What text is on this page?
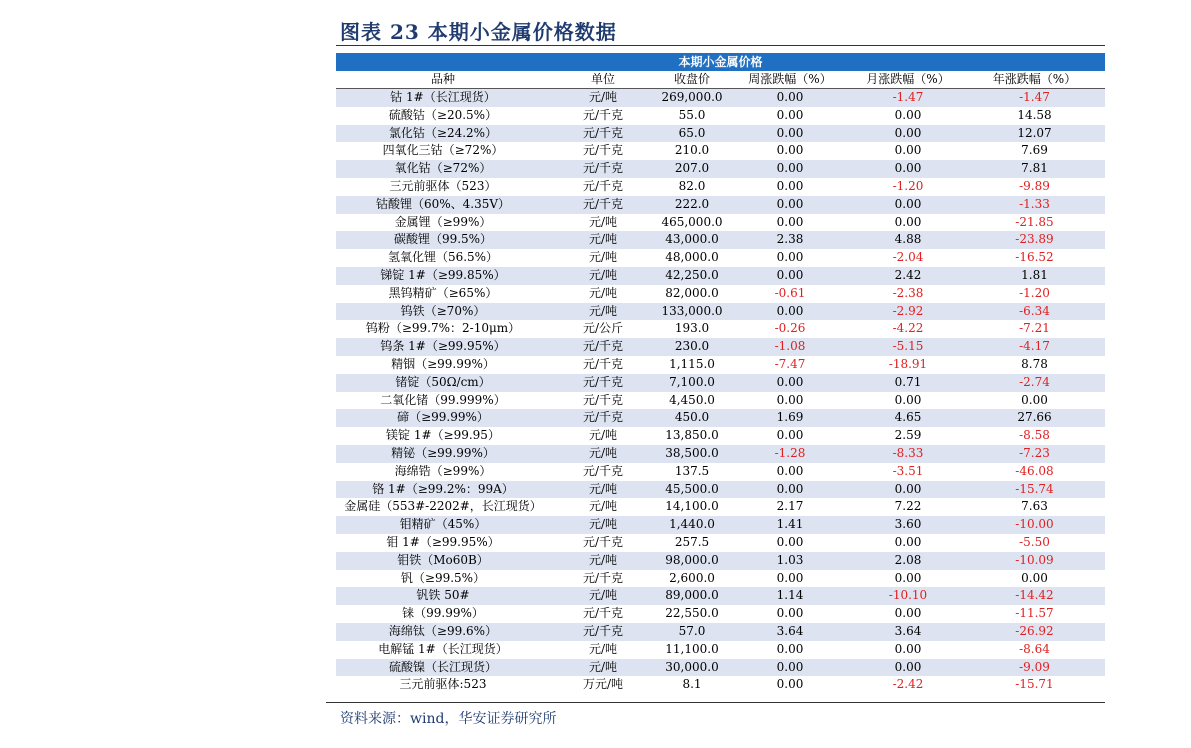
图表 23 本期小金属价格数据
本期小金属价格
品种	单位	收盘价	周涨跌幅（%）	月涨跌幅（%）	年涨跌幅（%）
钴 1#（长江现货）	元/吨	269,000.0	0.00	-1.47	-1.47
硫酸钴（≥20.5%）	元/千克	55.0	0.00	0.00	14.58
氯化钴（≥24.2%）	元/千克	65.0	0.00	0.00	12.07
四氧化三钴（≥72%）	元/千克	210.0	0.00	0.00	7.69
氧化钴（≥72%）	元/千克	207.0	0.00	0.00	7.81
三元前驱体（523）	元/千克	82.0	0.00	-1.20	-9.89
钴酸锂（60%、4.35V）	元/千克	222.0	0.00	0.00	-1.33
金属锂（≥99%）	元/吨	465,000.0	0.00	0.00	-21.85
碳酸锂（99.5%）	元/吨	43,000.0	2.38	4.88	-23.89
氢氧化锂（56.5%）	元/吨	48,000.0	0.00	-2.04	-16.52
锑锭 1#（≥99.85%）	元/吨	42,250.0	0.00	2.42	1.81
黑钨精矿（≥65%）	元/吨	82,000.0	-0.61	-2.38	-1.20
钨铁（≥70%）	元/吨	133,000.0	0.00	-2.92	-6.34
钨粉（≥99.7%：2-10μm）	元/公斤	193.0	-0.26	-4.22	-7.21
钨条 1#（≥99.95%）	元/千克	230.0	-1.08	-5.15	-4.17
精铟（≥99.99%）	元/千克	1,115.0	-7.47	-18.91	8.78
锗锭（50Ω/cm）	元/千克	7,100.0	0.00	0.71	-2.74
二氧化锗（99.999%）	元/千克	4,450.0	0.00	0.00	0.00
碲（≥99.99%）	元/千克	450.0	1.69	4.65	27.66
镁锭 1#（≥99.95）	元/吨	13,850.0	0.00	2.59	-8.58
精铋（≥99.99%）	元/吨	38,500.0	-1.28	-8.33	-7.23
海绵锆（≥99%）	元/千克	137.5	0.00	-3.51	-46.08
铬 1#（≥99.2%：99A）	元/吨	45,500.0	0.00	0.00	-15.74
金属硅（553#-2202#，长江现货）	元/吨	14,100.0	2.17	7.22	7.63
钼精矿（45%）	元/吨	1,440.0	1.41	3.60	-10.00
钼 1#（≥99.95%）	元/千克	257.5	0.00	0.00	-5.50
钼铁（Mo60B）	元/吨	98,000.0	1.03	2.08	-10.09
钒（≥99.5%）	元/千克	2,600.0	0.00	0.00	0.00
钒铁 50#	元/吨	89,000.0	1.14	-10.10	-14.42
铼（99.99%）	元/千克	22,550.0	0.00	0.00	-11.57
海绵钛（≥99.6%）	元/千克	57.0	3.64	3.64	-26.92
电解锰 1#（长江现货）	元/吨	11,100.0	0.00	0.00	-8.64
硫酸镍（长江现货）	元/吨	30,000.0	0.00	0.00	-9.09
三元前驱体:523	万元/吨	8.1	0.00	-2.42	-15.71
资料来源：wind，华安证券研究所
